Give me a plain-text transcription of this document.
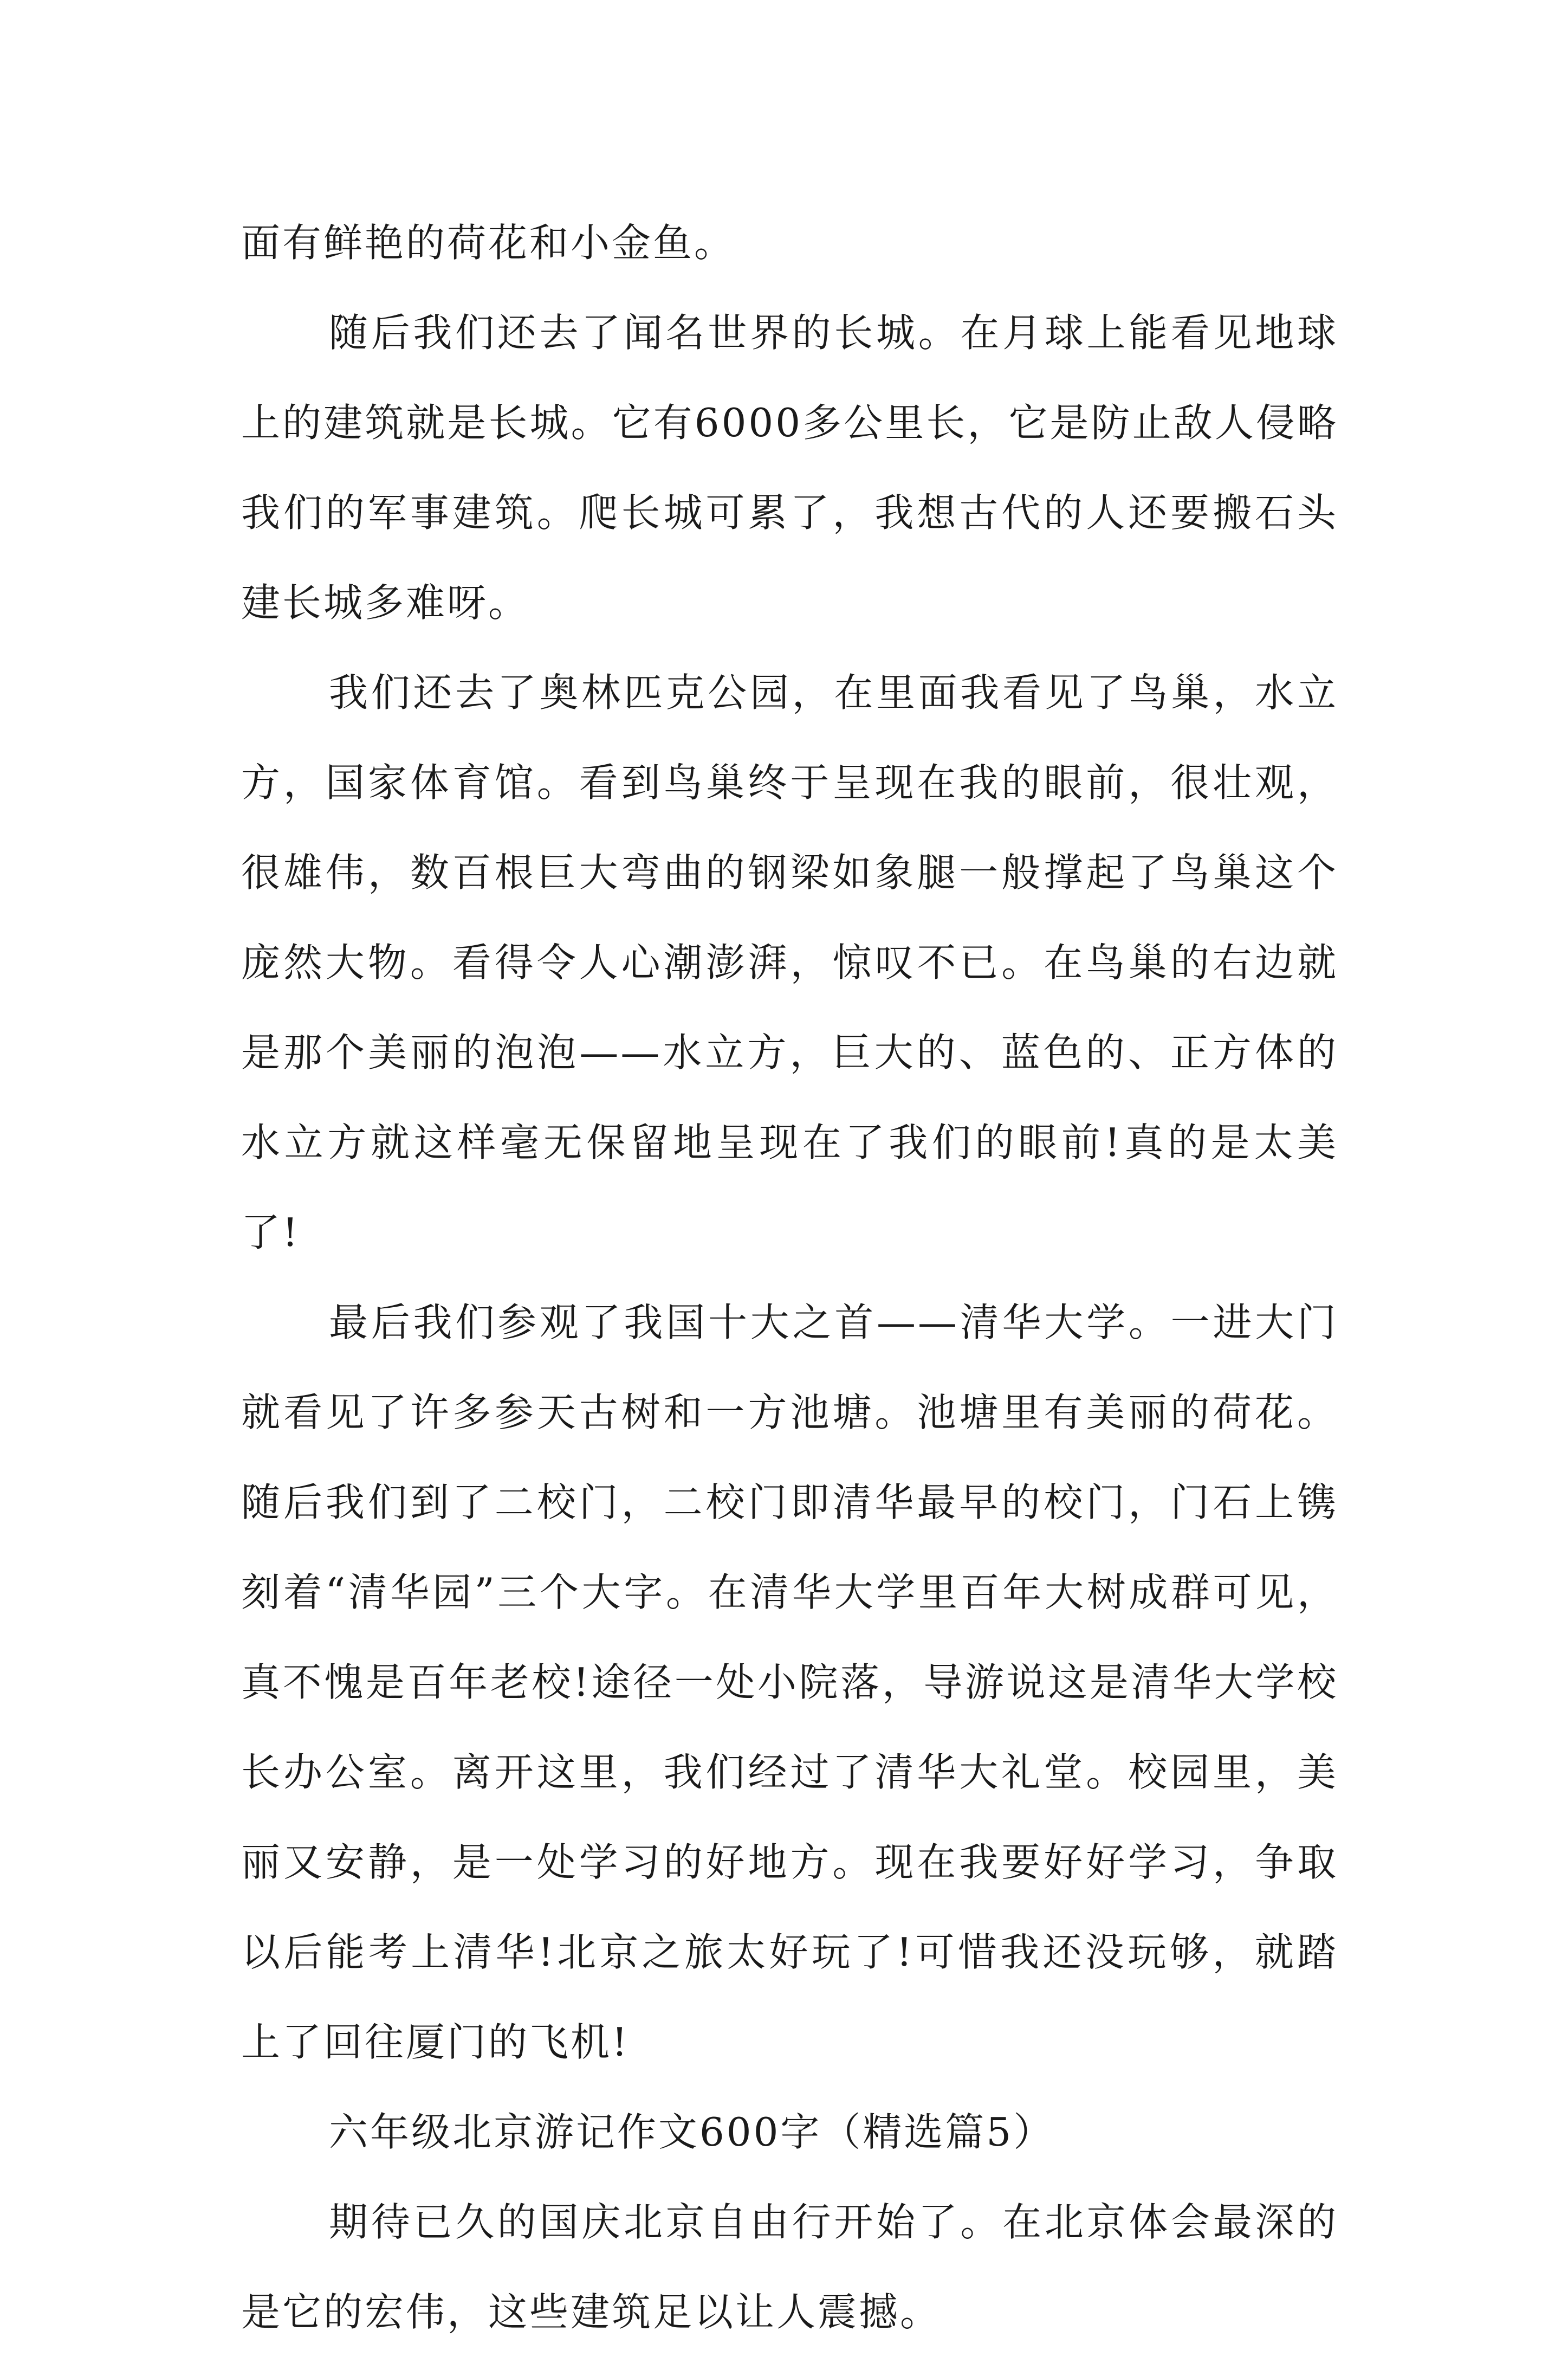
面有鲜艳的荷花和小金鱼。

随后我们还去了闻名世界的长城。在月球上能看见地球上的建筑就是长城。它有6000多公里长，它是防止敌人侵略我们的军事建筑。爬长城可累了，我想古代的人还要搬石头建长城多难呀。

我们还去了奥林匹克公园，在里面我看见了鸟巢，水立方，国家体育馆。看到鸟巢终于呈现在我的眼前，很壮观，很雄伟，数百根巨大弯曲的钢梁如象腿一般撑起了鸟巢这个庞然大物。看得令人心潮澎湃，惊叹不已。在鸟巢的右边就是那个美丽的泡泡——水立方，巨大的、蓝色的、正方体的水立方就这样毫无保留地呈现在了我们的眼前!真的是太美了!

最后我们参观了我国十大之首——清华大学。一进大门就看见了许多参天古树和一方池塘。池塘里有美丽的荷花。随后我们到了二校门，二校门即清华最早的校门，门石上镌刻着“清华园”三个大字。在清华大学里百年大树成群可见，真不愧是百年老校!途径一处小院落，导游说这是清华大学校长办公室。离开这里，我们经过了清华大礼堂。校园里，美丽又安静，是一处学习的好地方。现在我要好好学习，争取以后能考上清华!北京之旅太好玩了!可惜我还没玩够，就踏上了回往厦门的飞机!

六年级北京游记作文600字（精选篇5）

期待已久的国庆北京自由行开始了。在北京体会最深的是它的宏伟，这些建筑足以让人震撼。
